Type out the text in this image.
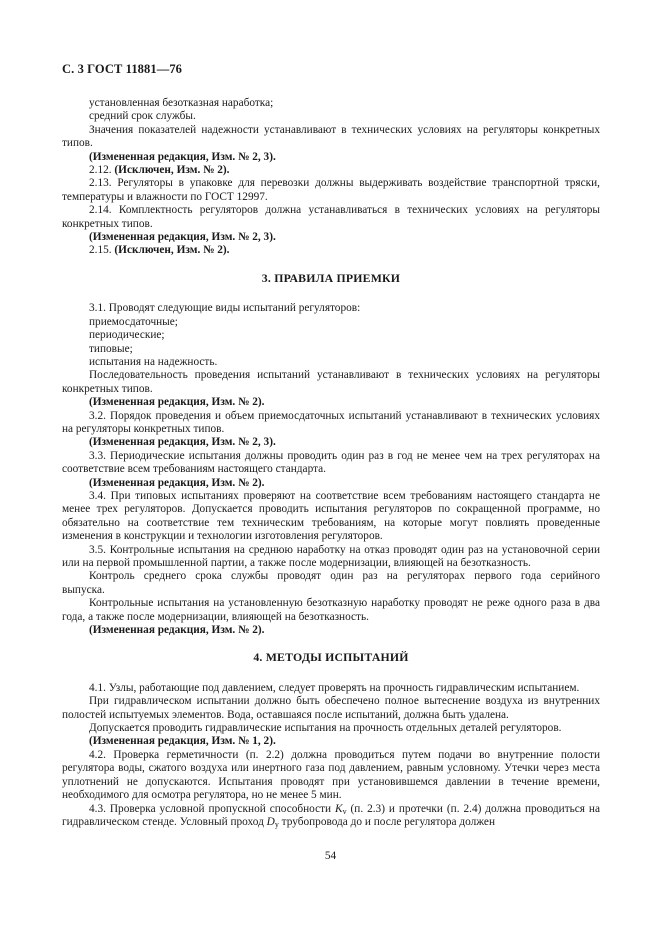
С. 3 ГОСТ 11881—76

установленная безотказная наработка;

средний срок службы.

Значения показателей надежности устанавливают в технических условиях на регуляторы конкретных типов.

(Измененная редакция, Изм. № 2, 3).

2.12. (Исключен, Изм. № 2).

2.13. Регуляторы в упаковке для перевозки должны выдерживать воздействие транспортной тряски, температуры и влажности по ГОСТ 12997.

2.14. Комплектность регуляторов должна устанавливаться в технических условиях на регуляторы конкретных типов.

(Измененная редакция, Изм. № 2, 3).

2.15. (Исключен, Изм. № 2).

3. ПРАВИЛА ПРИЕМКИ

3.1. Проводят следующие виды испытаний регуляторов:

приемосдаточные;

периодические;

типовые;

испытания на надежность.

Последовательность проведения испытаний устанавливают в технических условиях на регуляторы конкретных типов.

(Измененная редакция, Изм. № 2).

3.2. Порядок проведения и объем приемосдаточных испытаний устанавливают в технических условиях на регуляторы конкретных типов.

(Измененная редакция, Изм. № 2, 3).

3.3. Периодические испытания должны проводить один раз в год не менее чем на трех регуляторах на соответствие всем требованиям настоящего стандарта.

(Измененная редакция, Изм. № 2).

3.4. При типовых испытаниях проверяют на соответствие всем требованиям настоящего стандарта не менее трех регуляторов. Допускается проводить испытания регуляторов по сокращенной программе, но обязательно на соответствие тем техническим требованиям, на которые могут повлиять проведенные изменения в конструкции и технологии изготовления регуляторов.

3.5. Контрольные испытания на среднюю наработку на отказ проводят один раз на установочной серии или на первой промышленной партии, а также после модернизации, влияющей на безотказность.

Контроль среднего срока службы проводят один раз на регуляторах первого года серийного выпуска.

Контрольные испытания на установленную безотказную наработку проводят не реже одного раза в два года, а также после модернизации, влияющей на безотказность.

(Измененная редакция, Изм. № 2).

4. МЕТОДЫ ИСПЫТАНИЙ

4.1. Узлы, работающие под давлением, следует проверять на прочность гидравлическим испытанием.

При гидравлическом испытании должно быть обеспечено полное вытеснение воздуха из внутренних полостей испытуемых элементов. Вода, оставшаяся после испытаний, должна быть удалена.

Допускается проводить гидравлические испытания на прочность отдельных деталей регуляторов.

(Измененная редакция, Изм. № 1, 2).

4.2. Проверка герметичности (п. 2.2) должна проводиться путем подачи во внутренние полости регулятора воды, сжатого воздуха или инертного газа под давлением, равным условному. Утечки через места уплотнений не допускаются. Испытания проводят при установившемся давлении в течение времени, необходимого для осмотра регулятора, но не менее 5 мин.

4.3. Проверка условной пропускной способности $K_v$ (п. 2.3) и протечки (п. 2.4) должна проводиться на гидравлическом стенде. Условный проход $D_у$ трубопровода до и после регулятора должен

54
